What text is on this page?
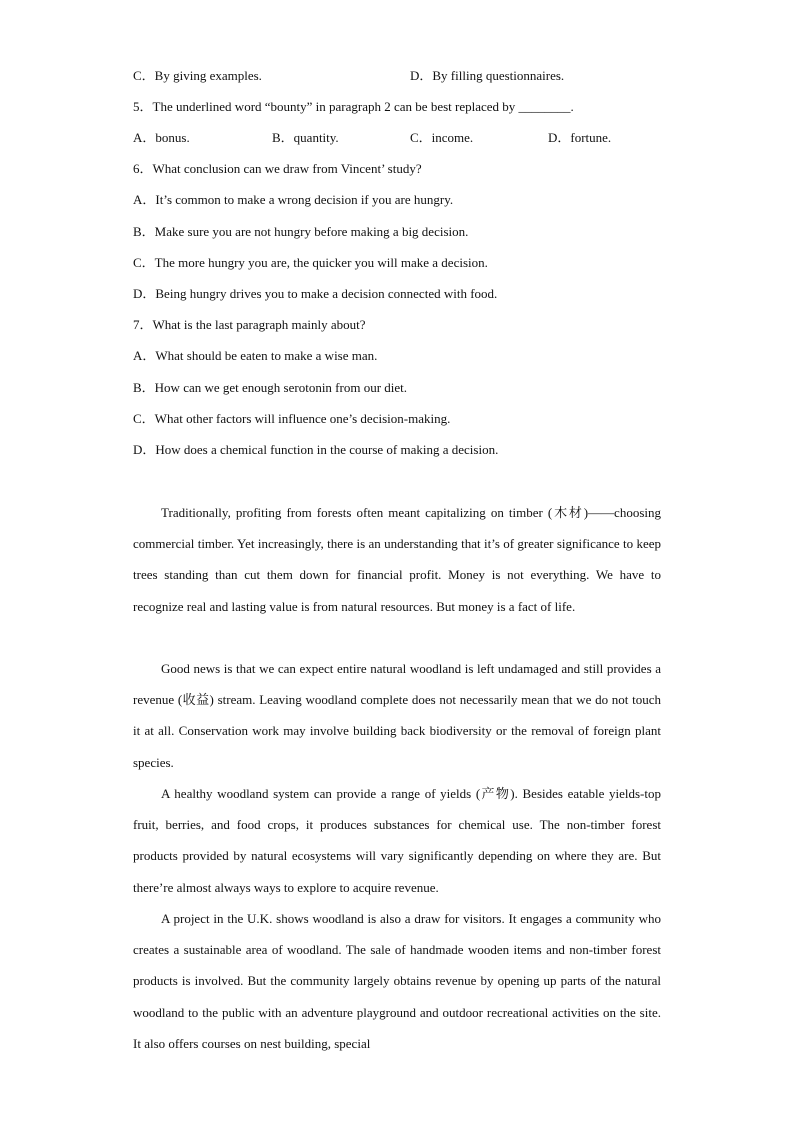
C．By giving examples.	D．By filling questionnaires.
5．The underlined word “bounty” in paragraph 2 can be best replaced by ________.
A．bonus.	B．quantity.	C．income.	D．fortune.
6．What conclusion can we draw from Vincent’ study?
A．It’s common to make a wrong decision if you are hungry.
B．Make sure you are not hungry before making a big decision.
C．The more hungry you are, the quicker you will make a decision.
D．Being hungry drives you to make a decision connected with food.
7．What is the last paragraph mainly about?
A．What should be eaten to make a wise man.
B．How can we get enough serotonin from our diet.
C．What other factors will influence one’s decision-making.
D．How does a chemical function in the course of making a decision.

Traditionally, profiting from forests often meant capitalizing on timber (木材)——choosing commercial timber. Yet increasingly, there is an understanding that it’s of greater significance to keep trees standing than cut them down for financial profit. Money is not everything. We have to recognize real and lasting value is from natural resources. But money is a fact of life.

Good news is that we can expect entire natural woodland is left undamaged and still provides a revenue (收益) stream. Leaving woodland complete does not necessarily mean that we do not touch it at all. Conservation work may involve building back biodiversity or the removal of foreign plant species.

A healthy woodland system can provide a range of yields (产物). Besides eatable yields-top fruit, berries, and food crops, it produces substances for chemical use. The non-timber forest products provided by natural ecosystems will vary significantly depending on where they are. But there’re almost always ways to explore to acquire revenue.

A project in the U.K. shows woodland is also a draw for visitors. It engages a community who creates a sustainable area of woodland. The sale of handmade wooden items and non-timber forest products is involved. But the community largely obtains revenue by opening up parts of the natural woodland to the public with an adventure playground and outdoor recreational activities on the site. It also offers courses on nest building, special
